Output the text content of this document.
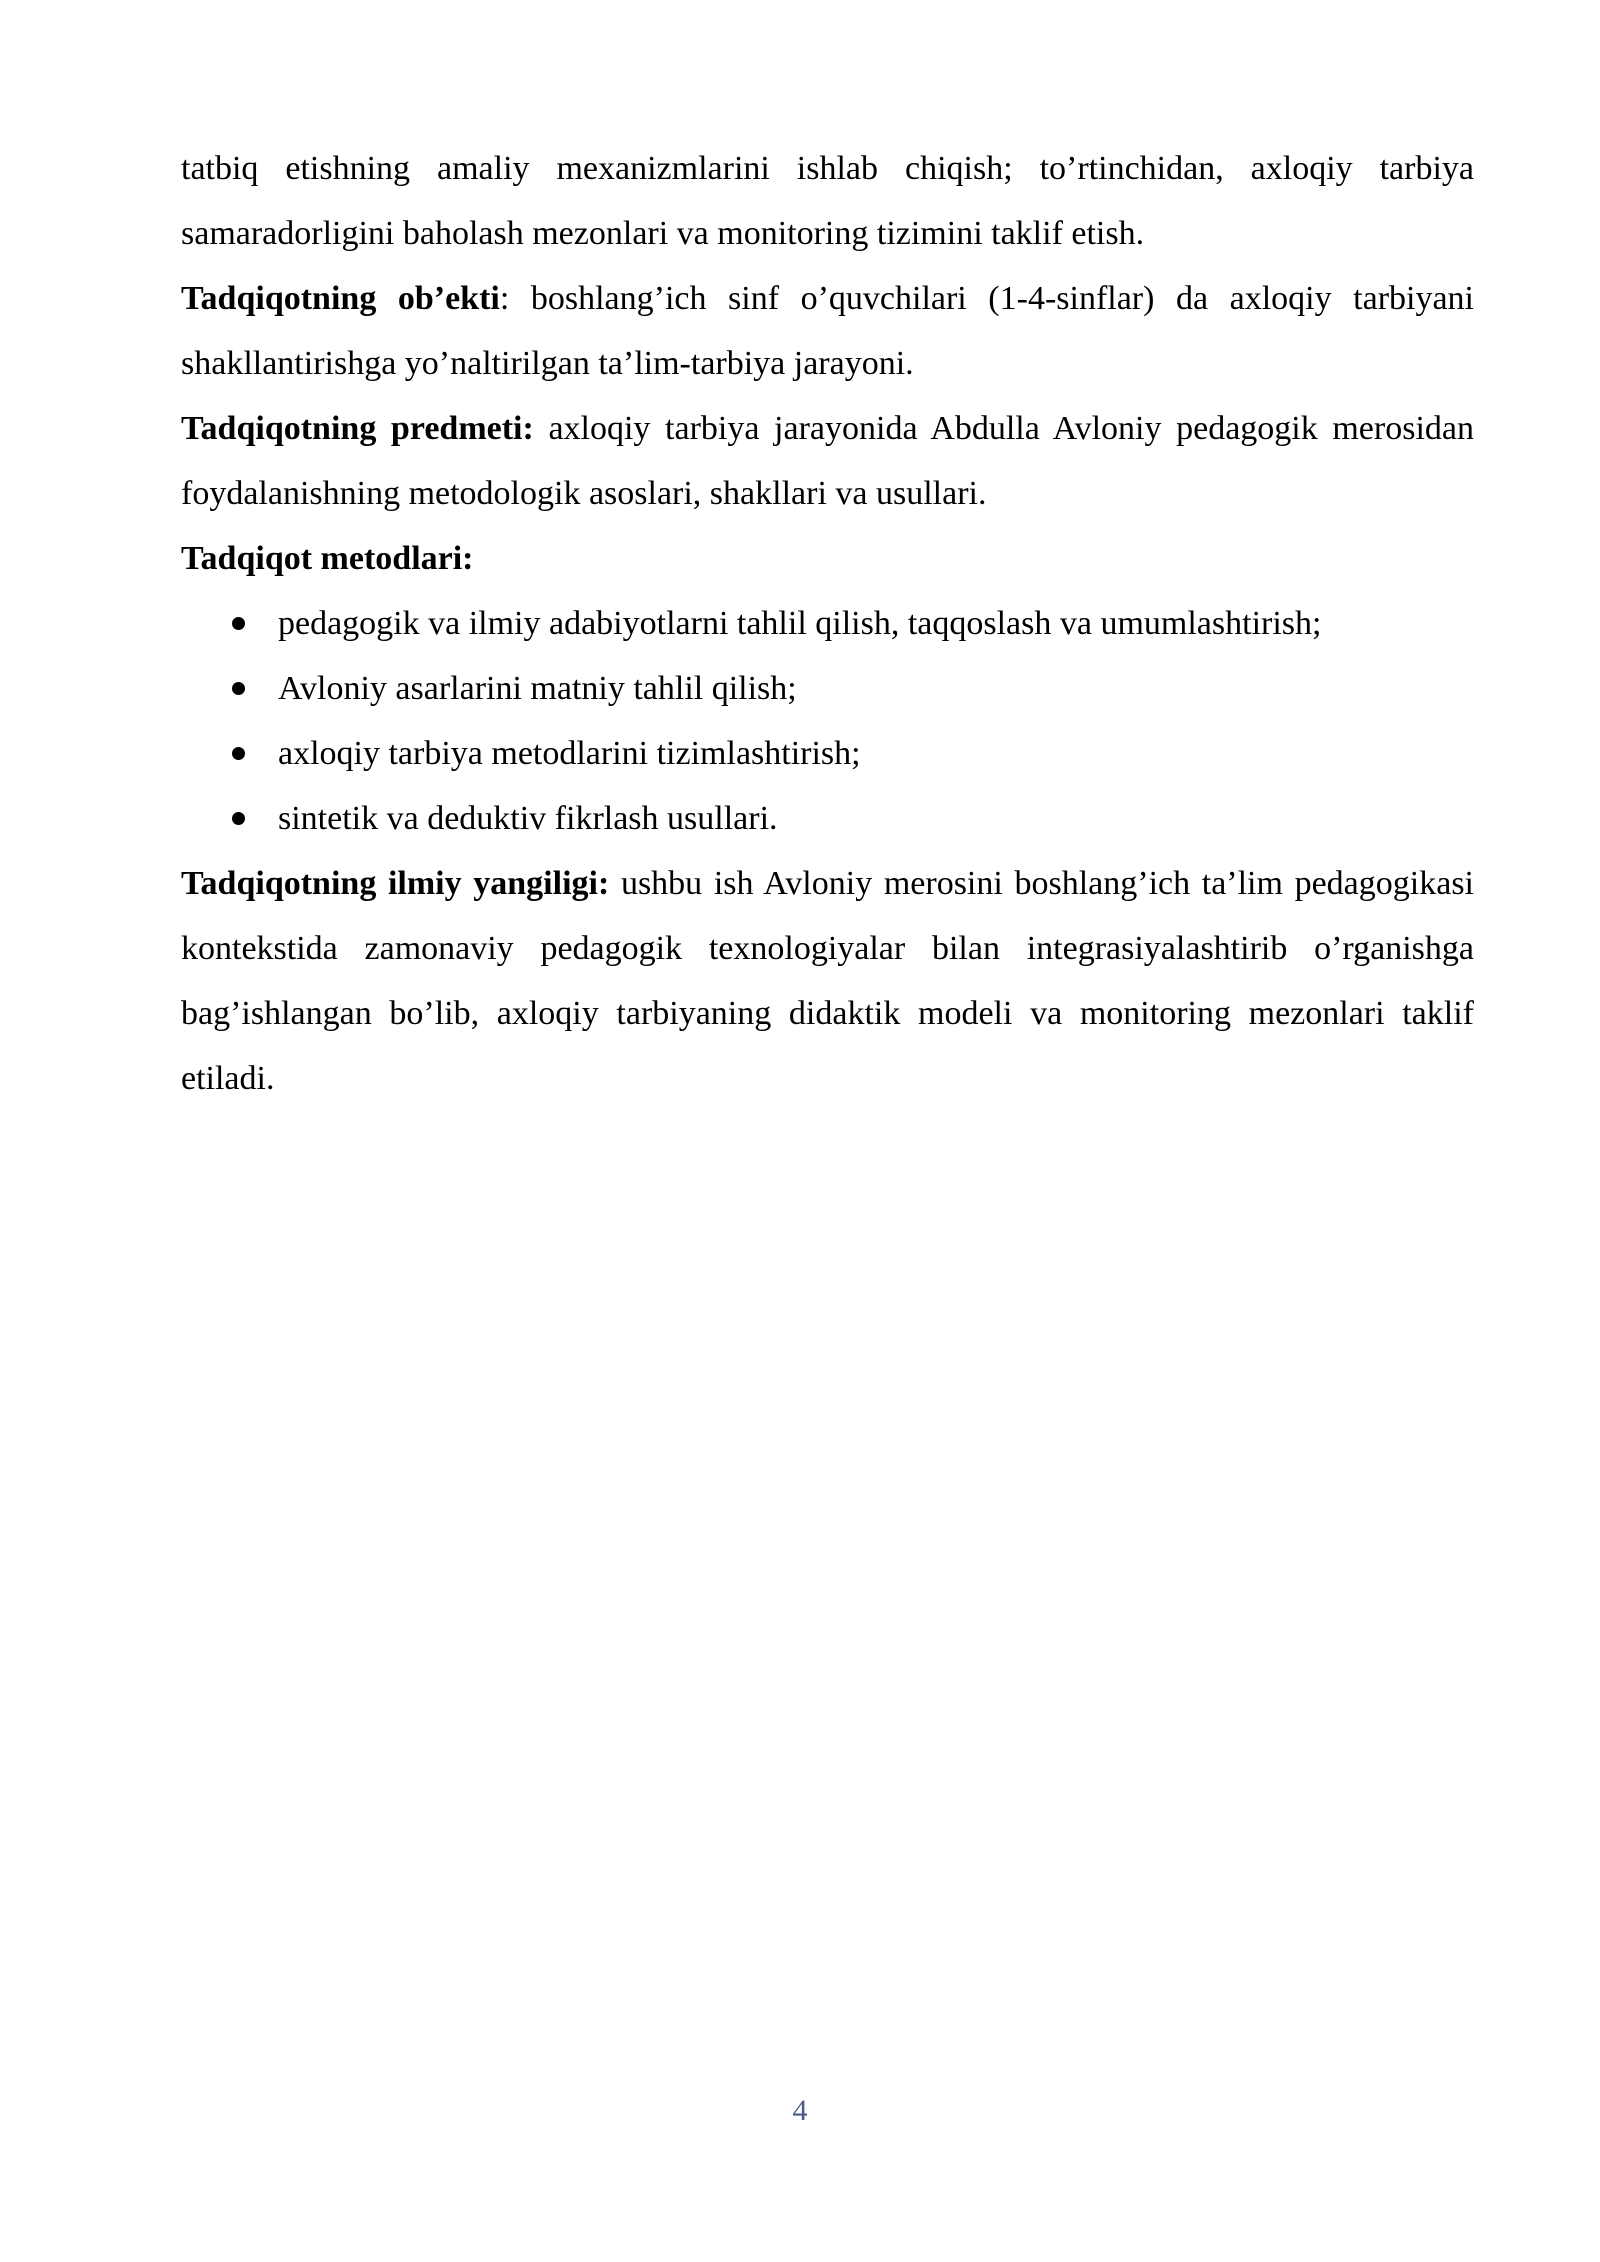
tatbiq etishning amaliy mexanizmlarini ishlab chiqish; to’rtinchidan, axloqiy tarbiya samaradorligini baholash mezonlari va monitoring tizimini taklif etish.

Tadqiqotning ob’ekti: boshlang’ich sinf o’quvchilari (1-4-sinflar) da axloqiy tarbiyani shakllantirishga yo’naltirilgan ta’lim-tarbiya jarayoni.

Tadqiqotning predmeti: axloqiy tarbiya jarayonida Abdulla Avloniy pedagogik merosidan foydalanishning metodologik asoslari, shakllari va usullari.

Tadqiqot metodlari:

pedagogik va ilmiy adabiyotlarni tahlil qilish, taqqoslash va umumlashtirish;
Avloniy asarlarini matniy tahlil qilish;
axloqiy tarbiya metodlarini tizimlashtirish;
sintetik va deduktiv fikrlash usullari.

Tadqiqotning ilmiy yangiligi: ushbu ish Avloniy merosini boshlang’ich ta’lim pedagogikasi kontekstida zamonaviy pedagogik texnologiyalar bilan integrasiyalashtirib o’rganishga bag’ishlangan bo’lib, axloqiy tarbiyaning didaktik modeli va monitoring mezonlari taklif etiladi.

4
